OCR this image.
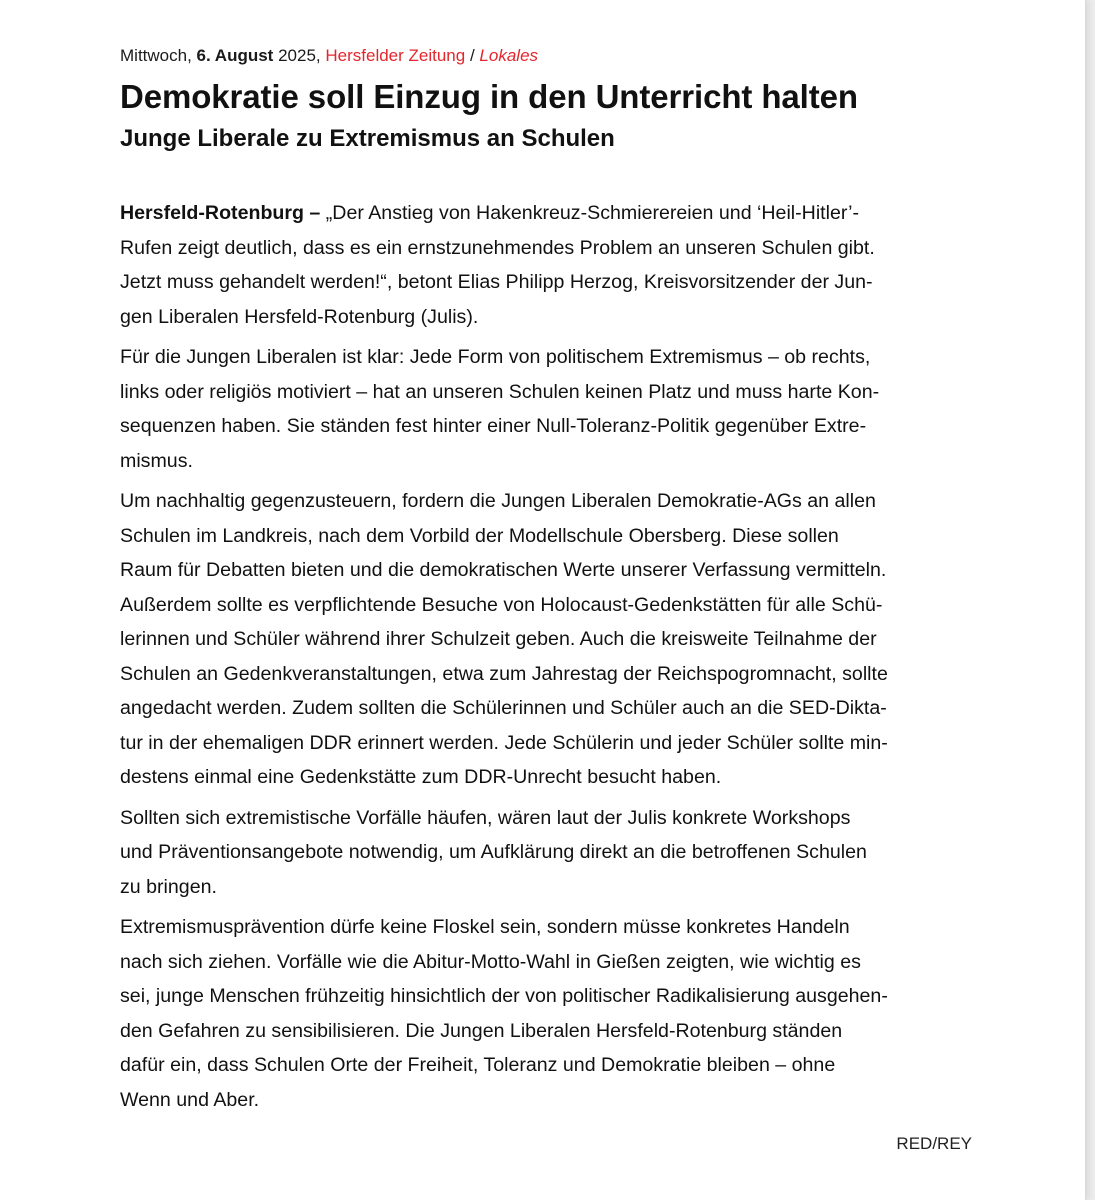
Mittwoch, 6. August 2025, Hersfelder Zeitung / Lokales

Demokratie soll Einzug in den Unterricht halten
Junge Liberale zu Extremismus an Schulen

Hersfeld-Rotenburg – „Der Anstieg von Hakenkreuz-Schmierereien und ‘Heil-Hitler’-
Rufen zeigt deutlich, dass es ein ernstzunehmendes Problem an unseren Schulen gibt.
Jetzt muss gehandelt werden!“, betont Elias Philipp Herzog, Kreisvorsitzender der Jun-
gen Liberalen Hersfeld-Rotenburg (Julis).

Für die Jungen Liberalen ist klar: Jede Form von politischem Extremismus – ob rechts,
links oder religiös motiviert – hat an unseren Schulen keinen Platz und muss harte Kon-
sequenzen haben. Sie ständen fest hinter einer Null-Toleranz-Politik gegenüber Extre-
mismus.

Um nachhaltig gegenzusteuern, fordern die Jungen Liberalen Demokratie-AGs an allen
Schulen im Landkreis, nach dem Vorbild der Modellschule Obersberg. Diese sollen
Raum für Debatten bieten und die demokratischen Werte unserer Verfassung vermitteln.
Außerdem sollte es verpflichtende Besuche von Holocaust-Gedenkstätten für alle Schü-
lerinnen und Schüler während ihrer Schulzeit geben. Auch die kreisweite Teilnahme der
Schulen an Gedenkveranstaltungen, etwa zum Jahrestag der Reichspogromnacht, sollte
angedacht werden. Zudem sollten die Schülerinnen und Schüler auch an die SED-Dikta-
tur in der ehemaligen DDR erinnert werden. Jede Schülerin und jeder Schüler sollte min-
destens einmal eine Gedenkstätte zum DDR-Unrecht besucht haben.

Sollten sich extremistische Vorfälle häufen, wären laut der Julis konkrete Workshops
und Präventionsangebote notwendig, um Aufklärung direkt an die betroffenen Schulen
zu bringen.

Extremismusprävention dürfe keine Floskel sein, sondern müsse konkretes Handeln
nach sich ziehen. Vorfälle wie die Abitur-Motto-Wahl in Gießen zeigten, wie wichtig es
sei, junge Menschen frühzeitig hinsichtlich der von politischer Radikalisierung ausgehen-
den Gefahren zu sensibilisieren. Die Jungen Liberalen Hersfeld-Rotenburg ständen
dafür ein, dass Schulen Orte der Freiheit, Toleranz und Demokratie bleiben – ohne
Wenn und Aber.

RED/REY
